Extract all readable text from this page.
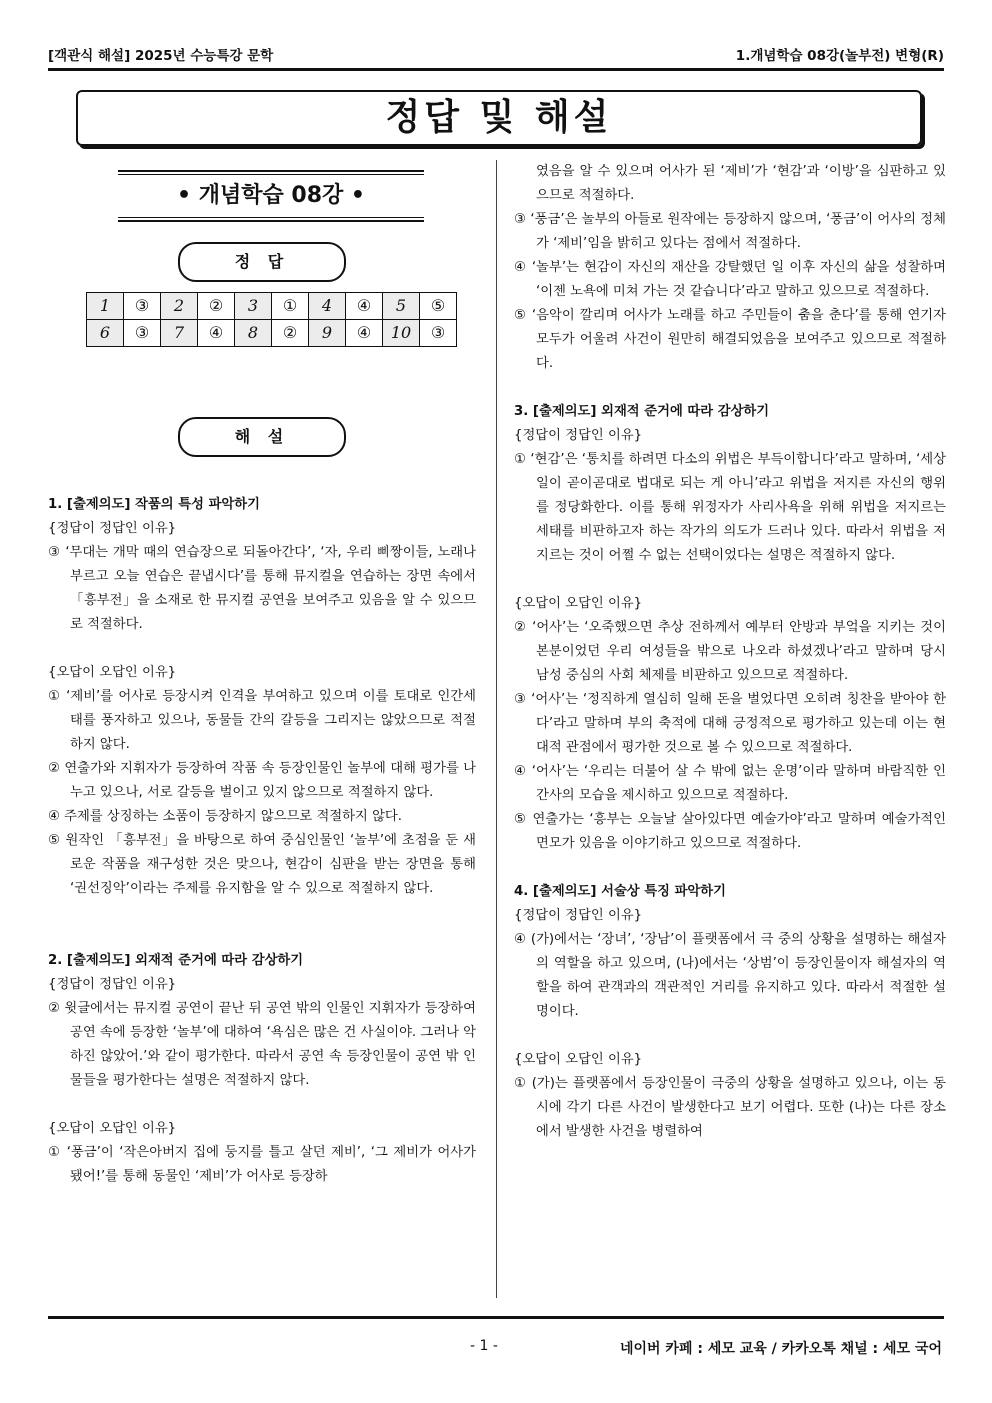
[객관식 해설] 2025년 수능특강 문학	1.개념학습 08강(놀부전) 변형(R)
정답 및 해설
• 개념학습 08강 •
정 답
1	③	2	②	3	①	4	④	5	⑤
6	③	7	④	8	②	9	④	10	③
해 설
1. [출제의도] 작품의 특성 파악하기
{정답이 정답인 이유}
③ ‘무대는 개막 때의 연습장으로 되돌아간다’, ‘자, 우리 삐짱이들, 노래나 부르고 오늘 연습은 끝냅시다’를 통해 뮤지컬을 연습하는 장면 속에서 「흥부전」을 소재로 한 뮤지컬 공연을 보여주고 있음을 알 수 있으므로 적절하다.
{오답이 오답인 이유}
① ‘제비’를 어사로 등장시켜 인격을 부여하고 있으며 이를 토대로 인간세태를 풍자하고 있으나, 동물들 간의 갈등을 그리지는 않았으므로 적절하지 않다.
② 연출가와 지휘자가 등장하여 작품 속 등장인물인 놀부에 대해 평가를 나누고 있으나, 서로 갈등을 벌이고 있지 않으므로 적절하지 않다.
④ 주제를 상징하는 소품이 등장하지 않으므로 적절하지 않다.
⑤ 원작인 「흥부전」을 바탕으로 하여 중심인물인 ‘놀부’에 초점을 둔 새로운 작품을 재구성한 것은 맞으나, 현감이 심판을 받는 장면을 통해 ‘권선징악’이라는 주제를 유지함을 알 수 있으로 적절하지 않다.
2. [출제의도] 외재적 준거에 따라 감상하기
{정답이 정답인 이유}
② 윗글에서는 뮤지컬 공연이 끝난 뒤 공연 밖의 인물인 지휘자가 등장하여 공연 속에 등장한 ‘놀부’에 대하여 ‘욕심은 많은 건 사실이야. 그러나 악하진 않았어.’와 같이 평가한다. 따라서 공연 속 등장인물이 공연 밖 인물들을 평가한다는 설명은 적절하지 않다.
{오답이 오답인 이유}
① ‘풍금’이 ‘작은아버지 집에 둥지를 틀고 살던 제비’, ‘그 제비가 어사가 됐어!’를 통해 동물인 ‘제비’가 어사로 등장하
였음을 알 수 있으며 어사가 된 ‘제비’가 ‘현감’과 ‘이방’을 심판하고 있으므로 적절하다.
③ ‘풍금’은 놀부의 아들로 원작에는 등장하지 않으며, ‘풍금’이 어사의 정체가 ‘제비’임을 밝히고 있다는 점에서 적절하다.
④ ‘놀부’는 현감이 자신의 재산을 강탈했던 일 이후 자신의 삶을 성찰하며 ‘이젠 노욕에 미쳐 가는 것 같습니다’라고 말하고 있으므로 적절하다.
⑤ ‘음악이 깔리며 어사가 노래를 하고 주민들이 춤을 춘다’를 통해 연기자 모두가 어울려 사건이 원만히 해결되었음을 보여주고 있으므로 적절하다.
3. [출제의도] 외재적 준거에 따라 감상하기
{정답이 정답인 이유}
① ‘현감’은 ‘통치를 하려면 다소의 위법은 부득이합니다’라고 말하며, ‘세상일이 곧이곧대로 법대로 되는 게 아니’라고 위법을 저지른 자신의 행위를 정당화한다. 이를 통해 위정자가 사리사욕을 위해 위법을 저지르는 세태를 비판하고자 하는 작가의 의도가 드러나 있다. 따라서 위법을 저지르는 것이 어쩔 수 없는 선택이었다는 설명은 적절하지 않다.
{오답이 오답인 이유}
② ‘어사’는 ‘오죽했으면 추상 전하께서 예부터 안방과 부엌을 지키는 것이 본분이었던 우리 여성들을 밖으로 나오라 하셨겠나’라고 말하며 당시 남성 중심의 사회 체제를 비판하고 있으므로 적절하다.
③ ‘어사’는 ‘정직하게 열심히 일해 돈을 벌었다면 오히려 칭찬을 받아야 한다’라고 말하며 부의 축적에 대해 긍정적으로 평가하고 있는데 이는 현대적 관점에서 평가한 것으로 볼 수 있으므로 적절하다.
④ ‘어사’는 ‘우리는 더불어 살 수 밖에 없는 운명’이라 말하며 바람직한 인간사의 모습을 제시하고 있으므로 적절하다.
⑤ 연출가는 ‘흥부는 오늘날 살아있다면 예술가야’라고 말하며 예술가적인 면모가 있음을 이야기하고 있으므로 적절하다.
4. [출제의도] 서술상 특징 파악하기
{정답이 정답인 이유}
④ (가)에서는 ‘장녀’, ‘장남’이 플랫폼에서 극 중의 상황을 설명하는 해설자의 역할을 하고 있으며, (나)에서는 ‘상범’이 등장인물이자 해설자의 역할을 하여 관객과의 객관적인 거리를 유지하고 있다. 따라서 적절한 설명이다.
{오답이 오답인 이유}
① (가)는 플랫폼에서 등장인물이 극중의 상황을 설명하고 있으나, 이는 동시에 각기 다른 사건이 발생한다고 보기 어렵다. 또한 (나)는 다른 장소에서 발생한 사건을 병렬하여
- 1 -	네이버 카페 : 세모 교육 / 카카오톡 채널 : 세모 국어
